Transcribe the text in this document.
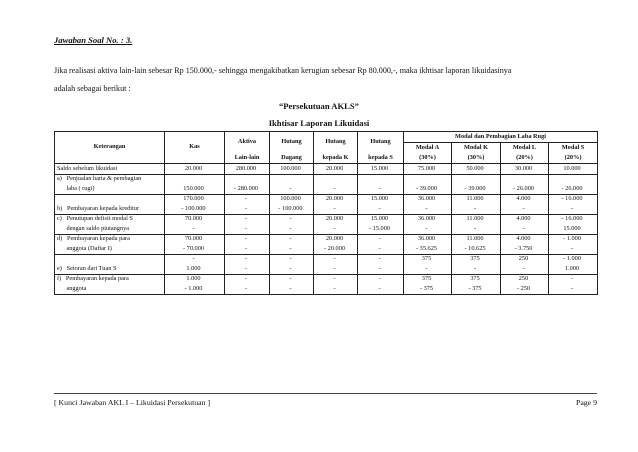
Jawaban Soal No. : 3.
Jika realisasi aktiva lain-lain sebesar Rp 150.000,- sehingga mengakibatkan kerugian sebesar Rp 80.000,-, maka ikhtisar laporan likuidasinya
adalah sebagai berikut :
“Persekutuan AKLS”
Ikhtisar Laporan Likuidasi
Keterangan	Kas	Aktiva	Hutang	Hutang	Hutang	Modal dan Pembagian Laba Rugi			
						Modal A	Modal K	Modal L	Modal S
		Lain-lain	Dagang	kepada K	kepada S	(30%)	(30%)	(20%)	(20%)
Saldo sebelum likuidasi	20.000	280.000	100.000	20.000	15.000	75.000	50.000	30.000	10.000
a)   Penjualan harta & pembagian									
laba ( rugi)	150.000	- 280.000	-	-	-	- 39.000	- 39.000	- 26.000	- 26.000
	170.000	-	100.000	20.000	15.000	36.000	11.000	4.000	- 16.000
b)   Pembayaran kepada kreditur	- 100.000	-	- 100.000	-	-	-	-	-	-
c)   Penutupan defisit modal S	70.000	-	-	20.000	15.000	36.000	11.000	4.000	- 16.000
dengan saldo piutangnya	-	-	-	-	- 15.000	-	-	-	15.000
d)   Pembayaran kepada para	70.000	-	-	20.000	-	36.000	11.000	4.000	- 1.000
anggota (Daftar I)	- 70.000	-	-	- 20.000	-	- 35.625	- 10.625	- 3.750	-
	-	-	-	-	-	375	375	250	- 1.000
e)   Setoran dari Tuan S	1.000	-	-	-	-	-	-	-	1.000
f)   Pembayaran kepada para	1.000	-	-	-	-	375	375	250	-
anggota	- 1.000	-	-	-	-	- 375	- 375	- 250	-
[ Kunci Jawaban AKL I – Likuidasi Persekutuan ]	Page 9
